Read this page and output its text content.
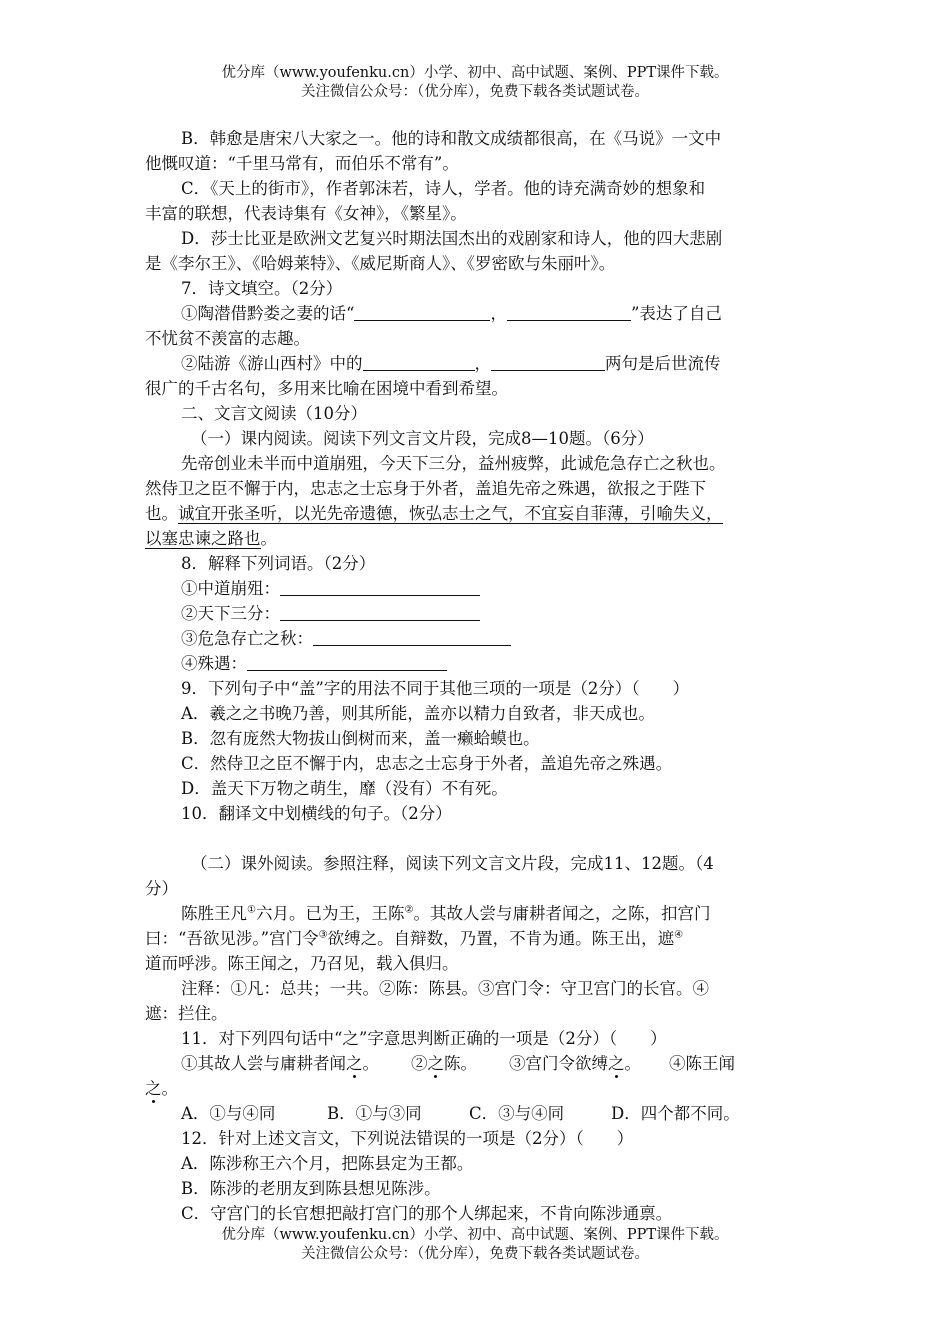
优分库（www.youfenku.cn）小学、初中、高中试题、案例、PPT课件下载。
关注微信公众号：（优分库），免费下载各类试题试卷。
B．韩愈是唐宋八大家之一。他的诗和散文成绩都很高，在《马说》一文中
他慨叹道：“千里马常有，而伯乐不常有”。
C．《天上的街市》，作者郭沫若，诗人，学者。他的诗充满奇妙的想象和
丰富的联想，代表诗集有《女神》，《繁星》。
D．莎士比亚是欧洲文艺复兴时期法国杰出的戏剧家和诗人，他的四大悲剧
是《李尔王》、《哈姆莱特》、《威尼斯商人》、《罗密欧与朱丽叶》。
7．诗文填空。（2分）
①陶潜借黔娄之妻的话“	，	”表达了自己
不忧贫不羡富的志趣。
②陆游《游山西村》中的	，	两句是后世流传
很广的千古名句，多用来比喻在困境中看到希望。
二、文言文阅读（10分）
（一）课内阅读。阅读下列文言文片段，完成8—10题。（6分）
先帝创业未半而中道崩殂，今天下三分，益州疲弊，此诚危急存亡之秋也。
然侍卫之臣不懈于内，忠志之士忘身于外者，盖追先帝之殊遇，欲报之于陛下
也。诚宜开张圣听，以光先帝遗德，恢弘志士之气，不宜妄自菲薄，引喻失义，
以塞忠谏之路也。
8．解释下列词语。（2分）
①中道崩殂：
②天下三分：
③危急存亡之秋：
④殊遇：
9．下列句子中“盖”字的用法不同于其他三项的一项是（2分）（　　）
A．羲之之书晚乃善，则其所能，盖亦以精力自致者，非天成也。
B．忽有庞然大物拔山倒树而来，盖一癞蛤蟆也。
C．然侍卫之臣不懈于内，忠志之士忘身于外者，盖追先帝之殊遇。
D．盖天下万物之萌生，靡（没有）不有死。
10．翻译文中划横线的句子。（2分）
（二）课外阅读。参照注释，阅读下列文言文片段，完成11、12题。（4
分）
陈胜王凡①六月。已为王，王陈②。其故人尝与庸耕者闻之，之陈，扣宫门
曰：“吾欲见涉。”宫门令③欲缚之。自辩数，乃置，不肯为通。陈王出，遮④
道而呼涉。陈王闻之，乃召见，载入俱归。
注释：①凡：总共；一共。②陈：陈县。③宫门令：守卫宫门的长官。④
遮：拦住。
11．对下列四句话中“之”字意思判断正确的一项是（2分）（　　）
①其故人尝与庸耕者闻之。 ②之陈。 ③宫门令欲缚之。 ④陈王闻
之。
A．①与④同	B．①与③同	C．③与④同	D．四个都不同。
12．针对上述文言文，下列说法错误的一项是（2分）（　　）
A．陈涉称王六个月，把陈县定为王都。
B．陈涉的老朋友到陈县想见陈涉。
C．守宫门的长官想把敲打宫门的那个人绑起来，不肯向陈涉通禀。
优分库（www.youfenku.cn）小学、初中、高中试题、案例、PPT课件下载。
关注微信公众号：（优分库），免费下载各类试题试卷。
